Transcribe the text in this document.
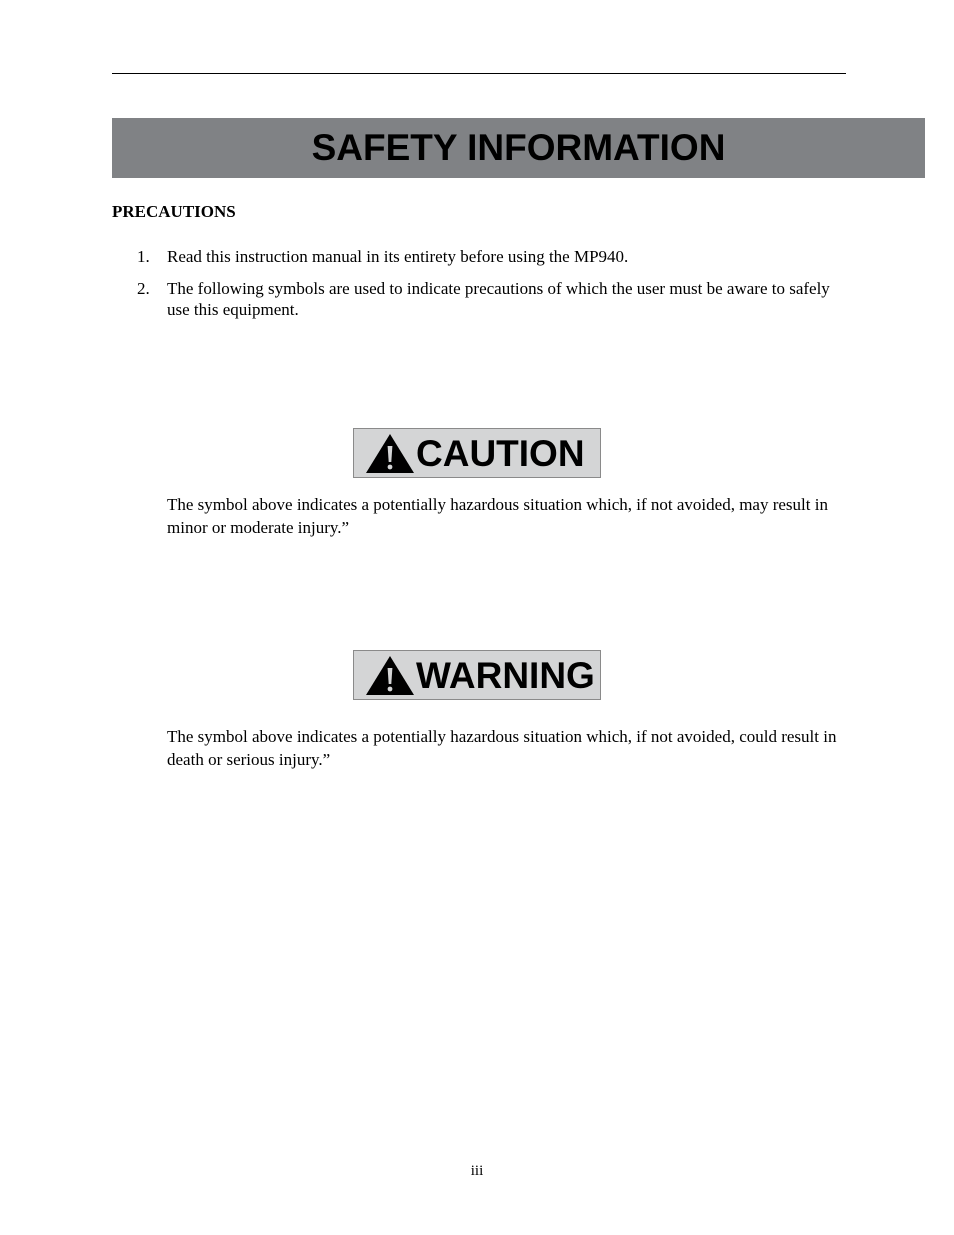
SAFETY INFORMATION
PRECAUTIONS
1.	Read this instruction manual in its entirety before using the MP940.
2.	The following symbols are used to indicate precautions of which the user must be aware to safely use this equipment.
CAUTION
The symbol above indicates a potentially hazardous situation which, if not avoided, may result in minor or moderate injury.”
WARNING
The symbol above indicates a potentially hazardous situation which, if not avoided, could result in death or serious injury.”
iii
